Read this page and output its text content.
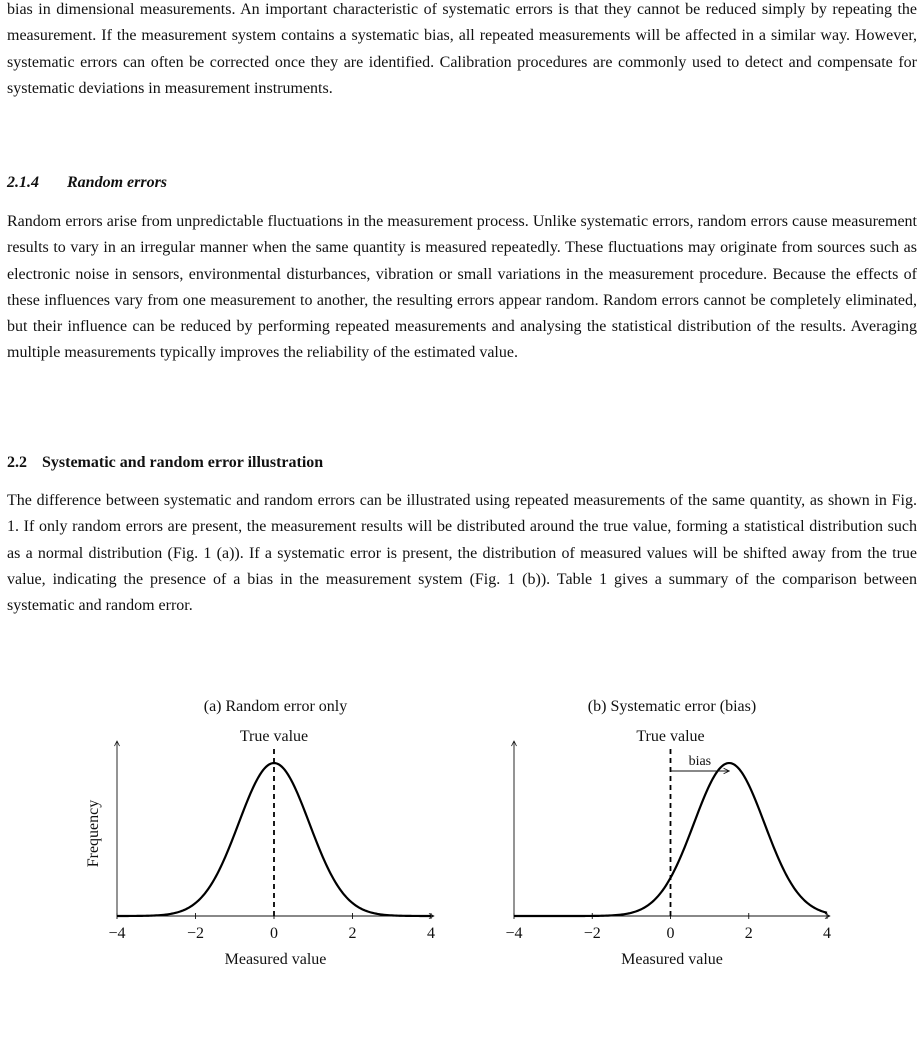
bias in dimensional measurements. An important characteristic of systematic errors is that they cannot be reduced simply by repeating the measurement. If the measurement system contains a systematic bias, all repeated measurements will be affected in a similar way. However, systematic errors can often be corrected once they are identified. Calibration procedures are commonly used to detect and compensate for systematic deviations in measurement instruments.

2.1.4 Random errors

Random errors arise from unpredictable fluctuations in the measurement process. Unlike systematic errors, random errors cause measurement results to vary in an irregular manner when the same quantity is measured repeatedly. These fluctuations may originate from sources such as electronic noise in sensors, environmental disturbances, vibration or small variations in the measurement procedure. Because the effects of these influences vary from one measurement to another, the resulting errors appear random. Random errors cannot be completely eliminated, but their influence can be reduced by performing repeated measurements and analysing the statistical distribution of the results. Averaging multiple measurements typically improves the reliability of the estimated value.

2.2 Systematic and random error illustration

The difference between systematic and random errors can be illustrated using repeated measurements of the same quantity, as shown in Fig. 1. If only random errors are present, the measurement results will be distributed around the true value, forming a statistical distribution such as a normal distribution (Fig. 1 (a)). If a systematic error is present, the distribution of measured values will be shifted away from the true value, indicating the presence of a bias in the measurement system (Fig. 1 (b)). Table 1 gives a summary of the comparison between systematic and random error.

(a) Random error only
−4	−2	0	2	4
Measured value
Frequency
True value
(b) Systematic error (bias)
−4	−2	0	2	4
Measured value
True value
bias
